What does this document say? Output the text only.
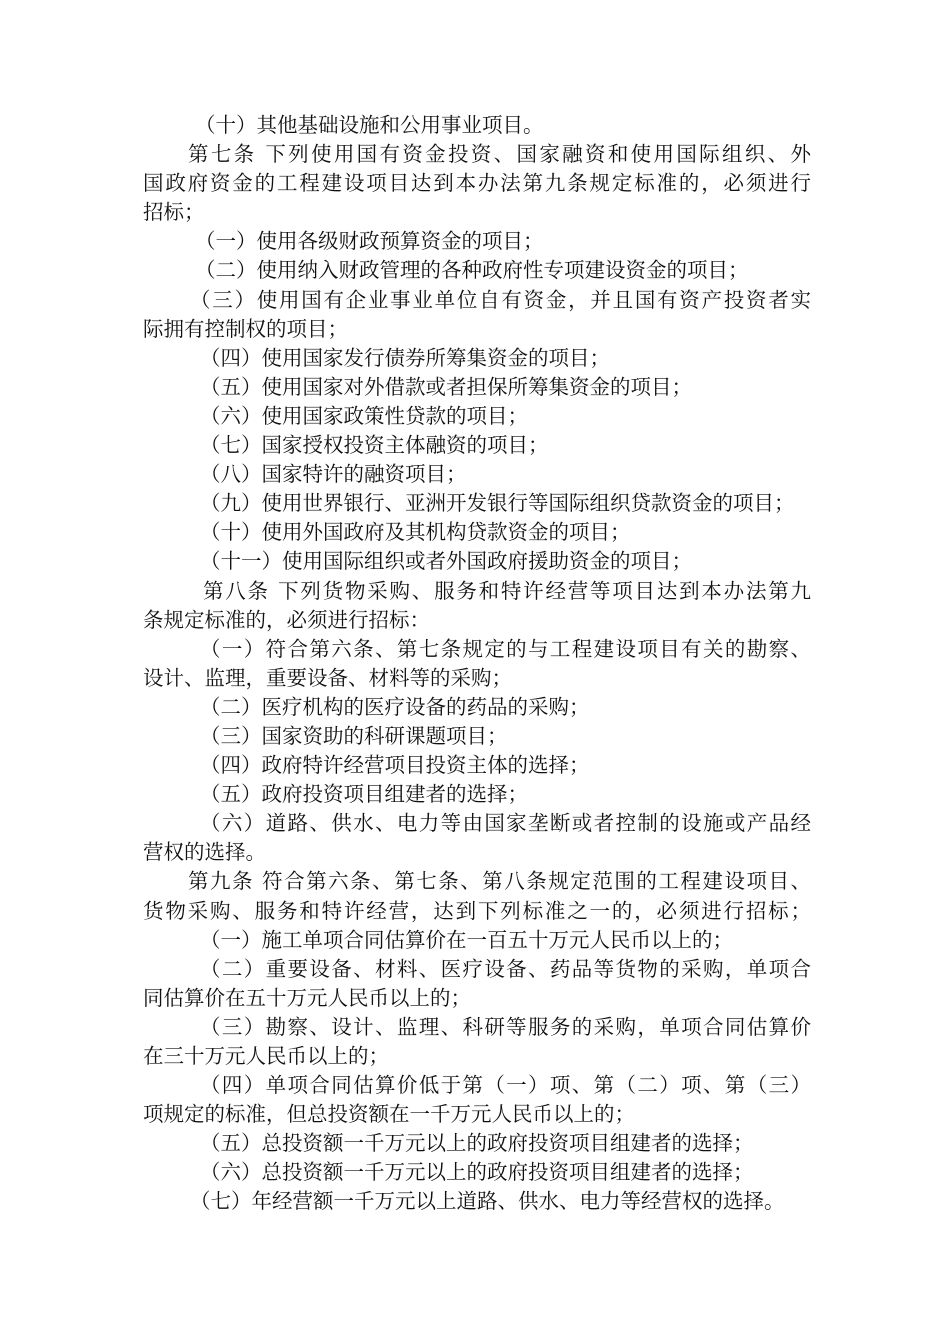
（十）其他基础设施和公用事业项目。
第七条 下列使用国有资金投资、国家融资和使用国际组织、外
国政府资金的工程建设项目达到本办法第九条规定标准的，必须进行
招标；
（一）使用各级财政预算资金的项目；
（二）使用纳入财政管理的各种政府性专项建设资金的项目；
（三）使用国有企业事业单位自有资金，并且国有资产投资者实
际拥有控制权的项目；
（四）使用国家发行债券所筹集资金的项目；
（五）使用国家对外借款或者担保所筹集资金的项目；
（六）使用国家政策性贷款的项目；
（七）国家授权投资主体融资的项目；
（八）国家特许的融资项目；
（九）使用世界银行、亚洲开发银行等国际组织贷款资金的项目；
（十）使用外国政府及其机构贷款资金的项目；
（十一）使用国际组织或者外国政府援助资金的项目；
第八条 下列货物采购、服务和特许经营等项目达到本办法第九
条规定标准的，必须进行招标：
（一）符合第六条、第七条规定的与工程建设项目有关的勘察、
设计、监理，重要设备、材料等的采购；
（二）医疗机构的医疗设备的药品的采购；
（三）国家资助的科研课题项目；
（四）政府特许经营项目投资主体的选择；
（五）政府投资项目组建者的选择；
（六）道路、供水、电力等由国家垄断或者控制的设施或产品经
营权的选择。
第九条 符合第六条、第七条、第八条规定范围的工程建设项目、
货物采购、服务和特许经营，达到下列标准之一的，必须进行招标；
（一）施工单项合同估算价在一百五十万元人民币以上的；
（二）重要设备、材料、医疗设备、药品等货物的采购，单项合
同估算价在五十万元人民币以上的；
（三）勘察、设计、监理、科研等服务的采购，单项合同估算价
在三十万元人民币以上的；
（四）单项合同估算价低于第（一）项、第（二）项、第（三）
项规定的标准，但总投资额在一千万元人民币以上的；
（五）总投资额一千万元以上的政府投资项目组建者的选择；
（六）总投资额一千万元以上的政府投资项目组建者的选择；
（七）年经营额一千万元以上道路、供水、电力等经营权的选择。
